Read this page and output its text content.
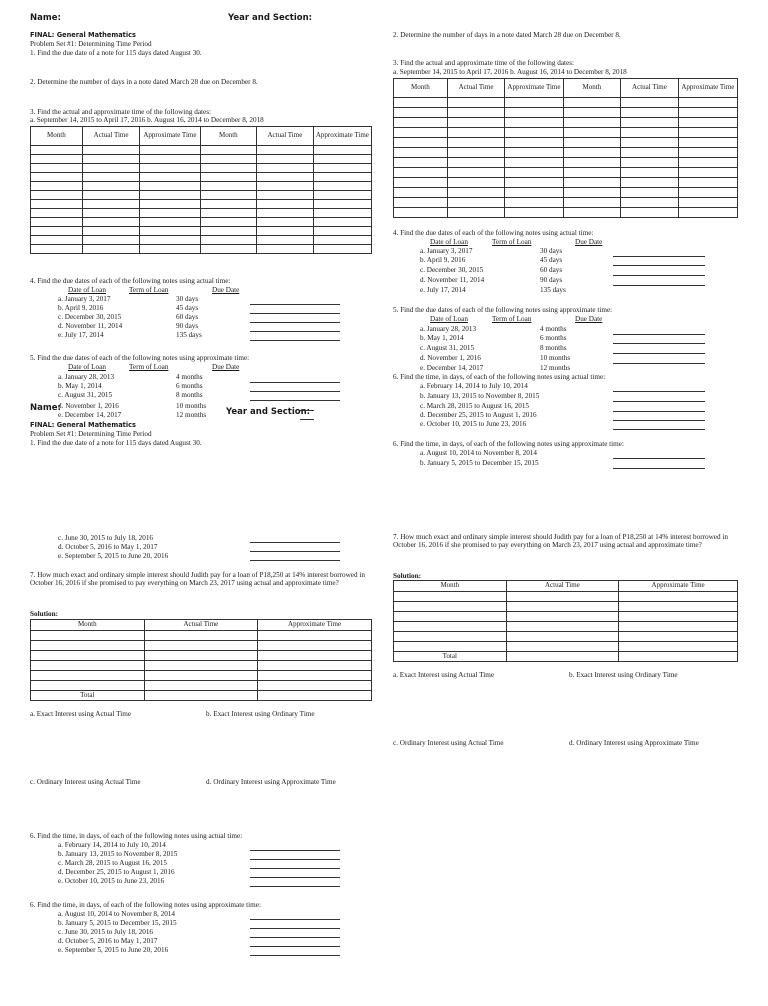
Name:	Year and Section:
FINAL: General Mathematics
Problem Set #1: Determining Time Period
1. Find the due date of a note for 115 days dated August 30.
2. Determine the number of days in a note dated March 28 due on December 8.
3. Find the actual and approximate time of the following dates:
a. September 14, 2015 to April 17, 2016 b. August 16, 2014 to December 8, 2018
Month	Actual Time	Approximate Time	Month	Actual Time	Approximate Time

4. Find the due dates of each of the following notes using actual time:
Date of Loan	Term of Loan	Due Date
a. January 3, 2017	30 days
b. April 9, 2016	45 days
c. December 30, 2015	60 days
d. November 11, 2014	90 days
e. July 17, 2014	135 days
5. Find the due dates of each of the following notes using approximate time:
Date of Loan	Term of Loan	Due Date
a. January 28, 2013	4 months
b. May 1, 2014	6 months
c. August 31, 2015	8 months
Name:
d. November 1, 2016	10 months
Year and Section:
e. December 14, 2017	12 months
FINAL: General Mathematics
Problem Set #1: Determining Time Period
1. Find the due date of a note for 115 days dated August 30.
c. June 30, 2015 to July 18, 2016
d. October 5, 2016 to May 1, 2017
e. September 5, 2015 to June 20, 2016
7. How much exact and ordinary simple interest should Judith pay for a loan of P18,250 at 14% interest borrowed in October 16, 2016 if she promised to pay everything on March 23, 2017 using actual and approximate time?
Solution:
Month	Actual Time	Approximate Time

Total		
a. Exact Interest using Actual Time	b. Exact Interest using Ordinary Time
c. Ordinary Interest using Actual Time	d. Ordinary Interest using Approximate Time
6. Find the time, in days, of each of the following notes using actual time:
a. February 14, 2014 to July 10, 2014
b. January 13, 2015 to November 8, 2015
c. March 28, 2015 to August 16, 2015
d. December 25, 2015 to August 1, 2016
e. October 10, 2015 to June 23, 2016
6. Find the time, in days, of each of the following notes using approximate time:
a. August 10, 2014 to November 8, 2014
b. January 5, 2015 to December 15, 2015
c. June 30, 2015 to July 18, 2016
d. October 5, 2016 to May 1, 2017
e. September 5, 2015 to June 20, 2016
2. Determine the number of days in a note dated March 28 due on December 8.
3. Find the actual and approximate time of the following dates:
a. September 14, 2015 to April 17, 2016 b. August 16, 2014 to December 8, 2018
Month	Actual Time	Approximate Time	Month	Actual Time	Approximate Time

4. Find the due dates of each of the following notes using actual time:
Date of Loan	Term of Loan	Due Date
a. January 3, 2017	30 days
b. April 9, 2016	45 days
c. December 30, 2015	60 days
d. November 11, 2014	90 days
e. July 17, 2014	135 days
5. Find the due dates of each of the following notes using approximate time:
Date of Loan	Term of Loan	Due Date
a. January 28, 2013	4 months
b. May 1, 2014	6 months
c. August 31, 2015	8 months
d. November 1, 2016	10 months
e. December 14, 2017	12 months
6. Find the time, in days, of each of the following notes using actual time:
a. February 14, 2014 to July 10, 2014
b. January 13, 2015 to November 8, 2015
c. March 28, 2015 to August 16, 2015
d. December 25, 2015 to August 1, 2016
e. October 10, 2015 to June 23, 2016
6. Find the time, in days, of each of the following notes using approximate time:
a. August 10, 2014 to November 8, 2014
b. January 5, 2015 to December 15, 2015
7. How much exact and ordinary simple interest should Judith pay for a loan of P18,250 at 14% interest borrowed in October 16, 2016 if she promised to pay everything on March 23, 2017 using actual and approximate time?
Solution:
Month	Actual Time	Approximate Time

Total		
a. Exact Interest using Actual Time	b. Exact Interest using Ordinary Time
c. Ordinary Interest using Actual Time	d. Ordinary Interest using Approximate Time
